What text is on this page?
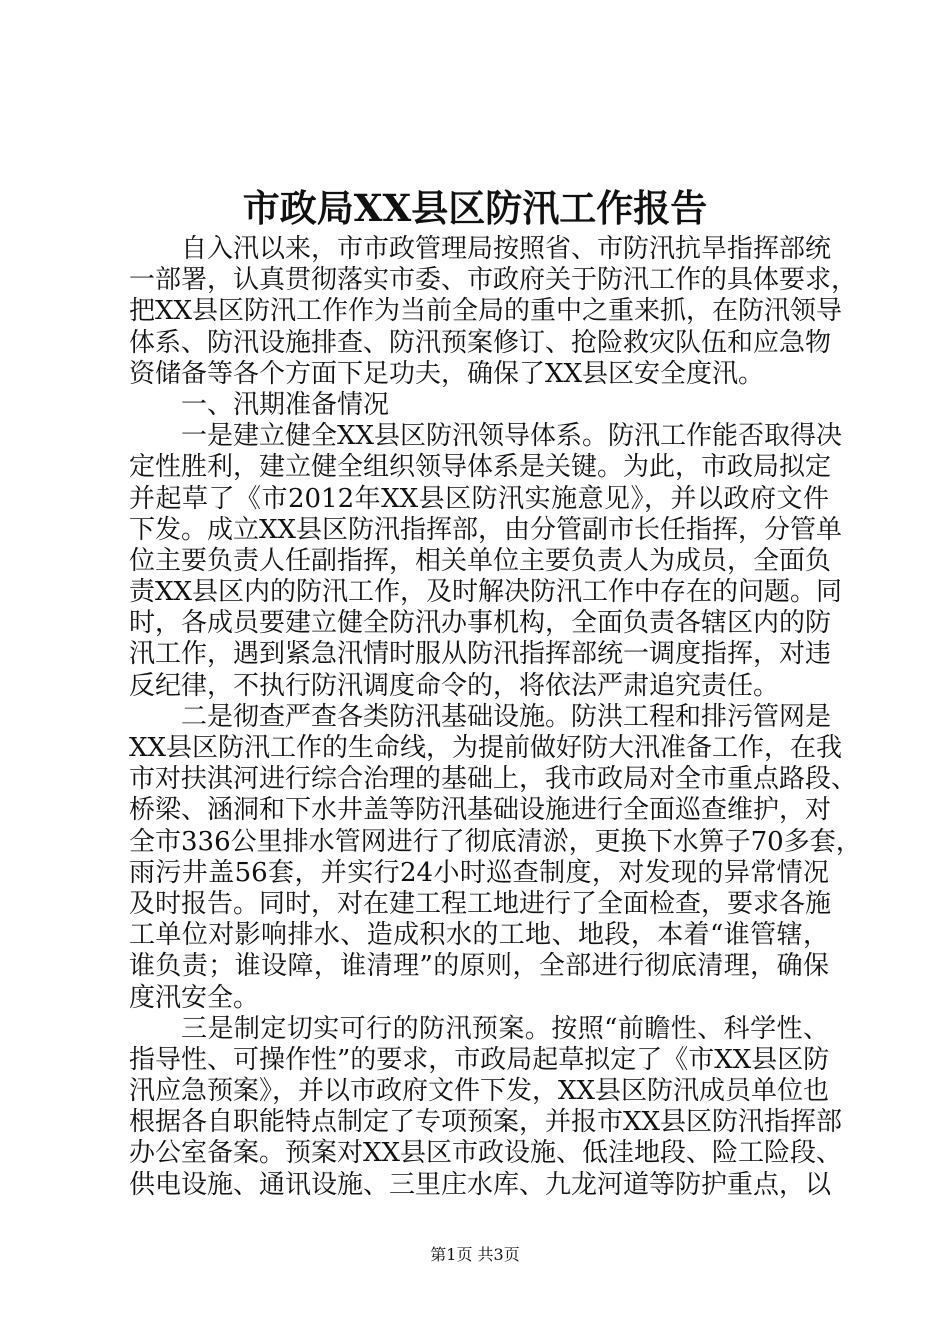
市政局XX县区防汛工作报告

自入汛以来，市市政管理局按照省、市防汛抗旱指挥部统

一部署，认真贯彻落实市委、市政府关于防汛工作的具体要求，

把XX县区防汛工作作为当前全局的重中之重来抓，在防汛领导

体系、防汛设施排查、防汛预案修订、抢险救灾队伍和应急物

资储备等各个方面下足功夫，确保了XX县区安全度汛。

一、汛期准备情况

一是建立健全XX县区防汛领导体系。防汛工作能否取得决

定性胜利，建立健全组织领导体系是关键。为此，市政局拟定

并起草了《市2012年XX县区防汛实施意见》，并以政府文件

下发。成立XX县区防汛指挥部，由分管副市长任指挥，分管单

位主要负责人任副指挥，相关单位主要负责人为成员，全面负

责XX县区内的防汛工作，及时解决防汛工作中存在的问题。同

时，各成员要建立健全防汛办事机构，全面负责各辖区内的防

汛工作，遇到紧急汛情时服从防汛指挥部统一调度指挥，对违

反纪律，不执行防汛调度命令的，将依法严肃追究责任。

二是彻查严查各类防汛基础设施。防洪工程和排污管网是

XX县区防汛工作的生命线，为提前做好防大汛准备工作，在我

市对扶淇河进行综合治理的基础上，我市政局对全市重点路段、

桥梁、涵洞和下水井盖等防汛基础设施进行全面巡查维护，对

全市336公里排水管网进行了彻底清淤，更换下水箅子70多套，

雨污井盖56套，并实行24小时巡查制度，对发现的异常情况

及时报告。同时，对在建工程工地进行了全面检查，要求各施

工单位对影响排水、造成积水的工地、地段，本着“谁管辖，

谁负责；谁设障，谁清理”的原则，全部进行彻底清理，确保

度汛安全。

三是制定切实可行的防汛预案。按照“前瞻性、科学性、

指导性、可操作性”的要求，市政局起草拟定了《市XX县区防

汛应急预案》，并以市政府文件下发，XX县区防汛成员单位也

根据各自职能特点制定了专项预案，并报市XX县区防汛指挥部

办公室备案。预案对XX县区市政设施、低洼地段、险工险段、

供电设施、通讯设施、三里庄水库、九龙河道等防护重点，以

第1页 共3页
